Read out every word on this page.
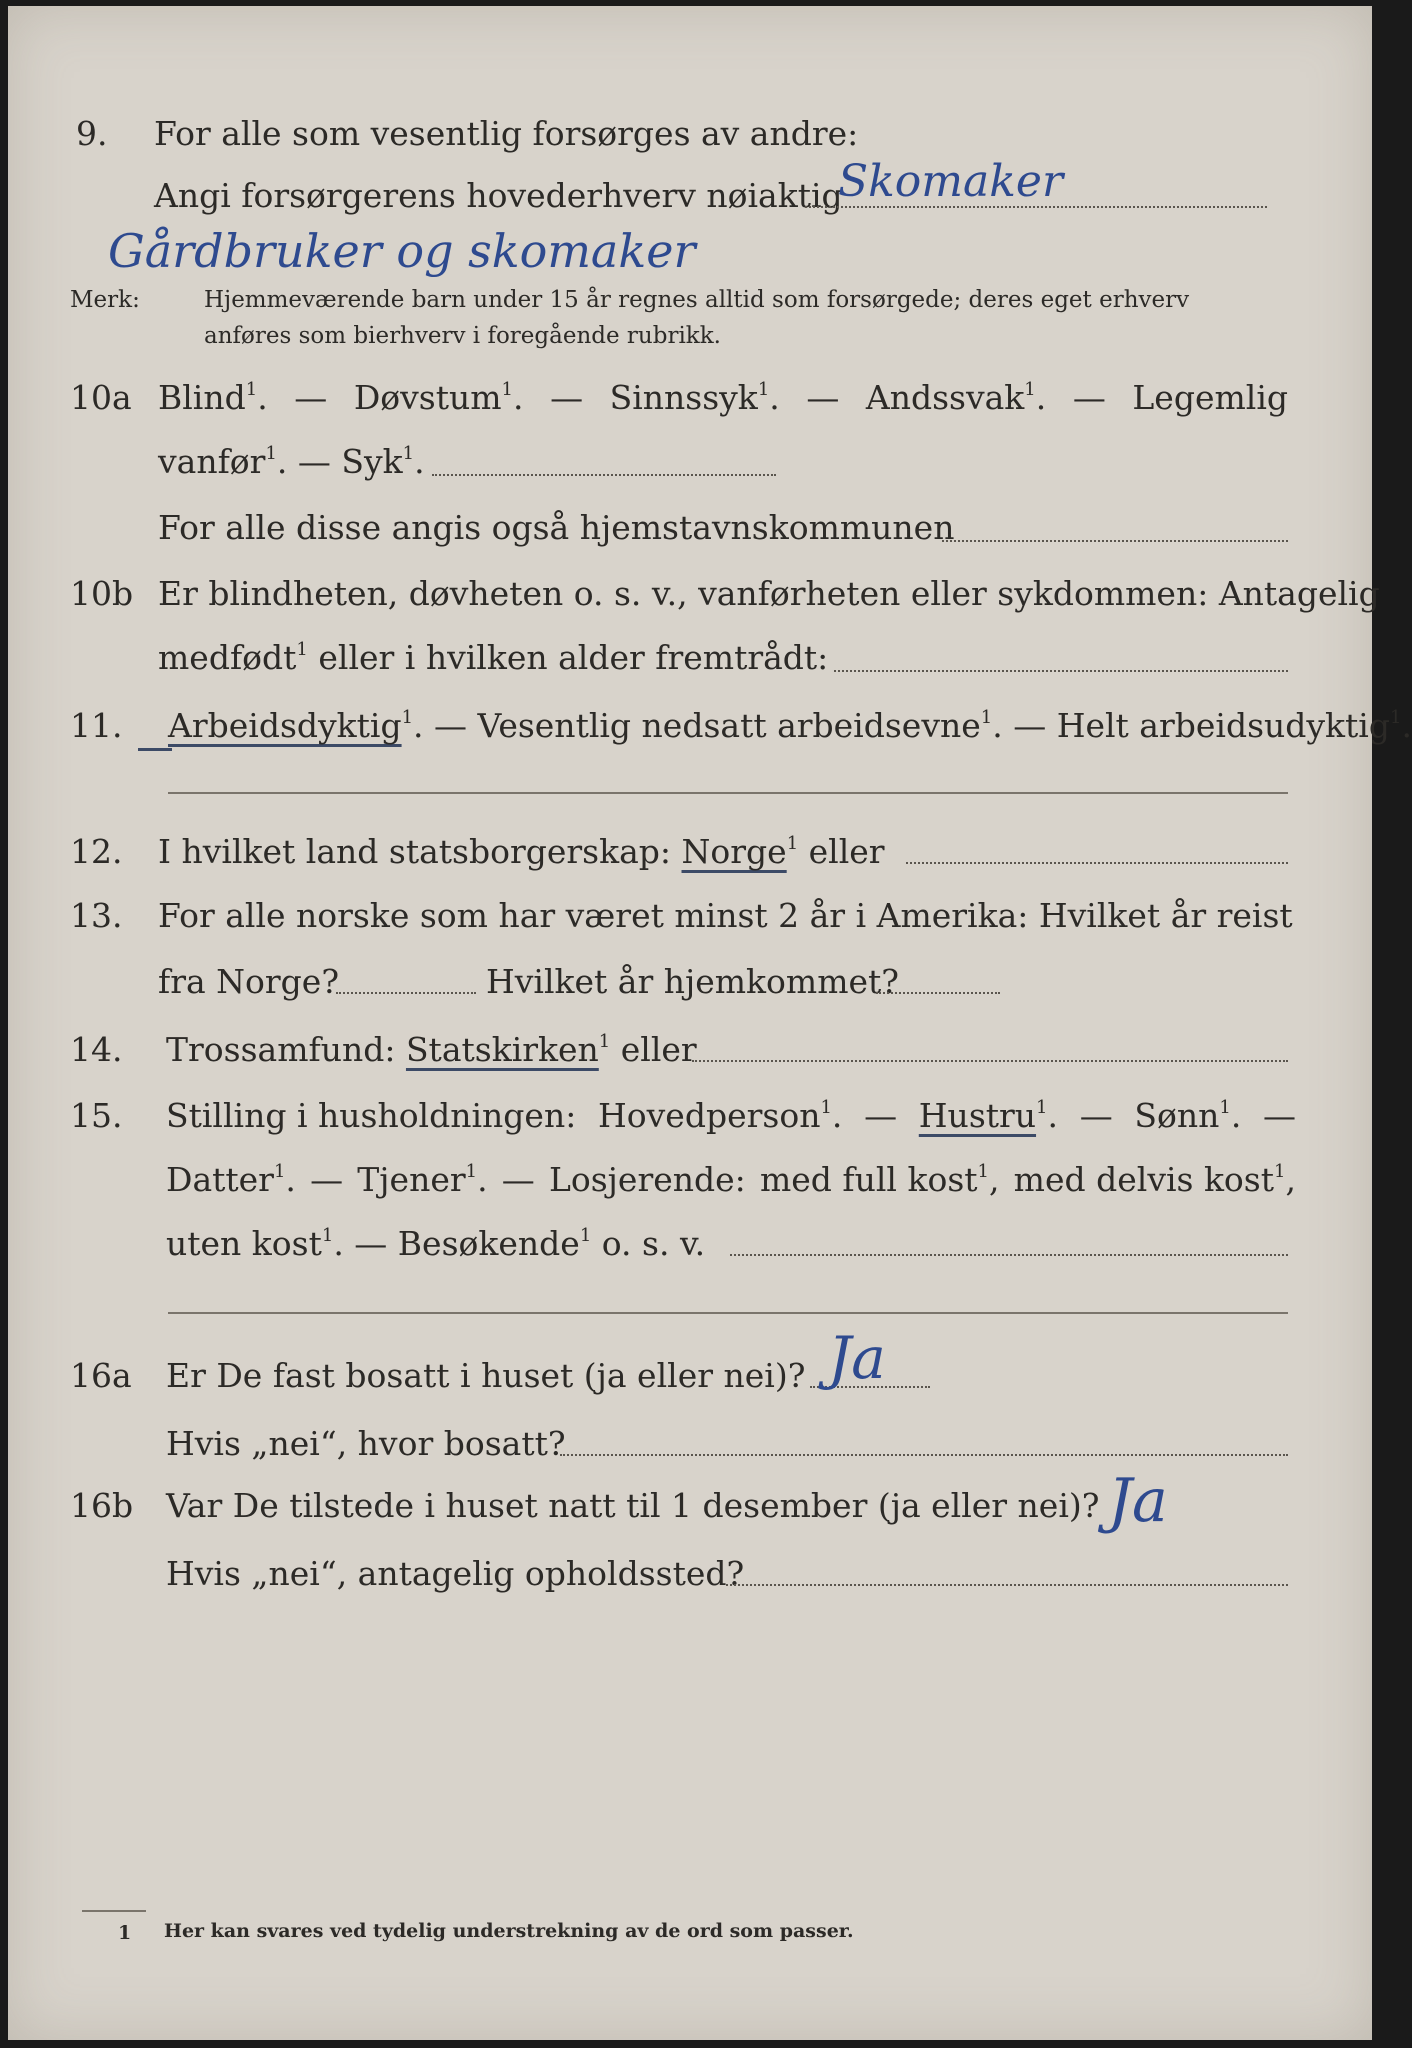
9. For alle som vesentlig forsørges av andre:
Angi forsørgerens hovederhverv nøiaktig
Skomaker
Gårdbruker og skomaker
Merk:	Hjemmeværende barn under 15 år regnes alltid som forsørgede; deres eget erhverv
anføres som bierhverv i foregående rubrikk.
10a Blind$^1$. — Døvstum$^1$. — Sinnssyk$^1$. — Andssvak$^1$. — Legemlig
vanfør$^1$. — Syk$^1$.
For alle disse angis også hjemstavnskommunen
10b Er blindheten, døvheten o. s. v., vanførheten eller sykdommen: Antagelig
medfødt$^1$ eller i hvilken alder fremtrådt:
11. Arbeidsdyktig$^1$. — Vesentlig nedsatt arbeidsevne$^1$. — Helt arbeidsudyktig$^1$.
12. I hvilket land statsborgerskap: Norge$^1$ eller
13. For alle norske som har været minst 2 år i Amerika: Hvilket år reist
fra Norge?	Hvilket år hjemkommet?
14. Trossamfund: Statskirken$^1$ eller
15. Stilling i husholdningen: Hovedperson$^1$. — Hustru$^1$. — Sønn$^1$. —
Datter$^1$. — Tjener$^1$. — Losjerende: med full kost$^1$, med delvis kost$^1$,
uten kost$^1$. — Besøkende$^1$ o. s. v.
16a Er De fast bosatt i huset (ja eller nei)? Ja
Hvis „nei“, hvor bosatt?
16b Var De tilstede i huset natt til 1 desember (ja eller nei)? Ja
Hvis „nei“, antagelig opholdssted?
1 Her kan svares ved tydelig understrekning av de ord som passer.
